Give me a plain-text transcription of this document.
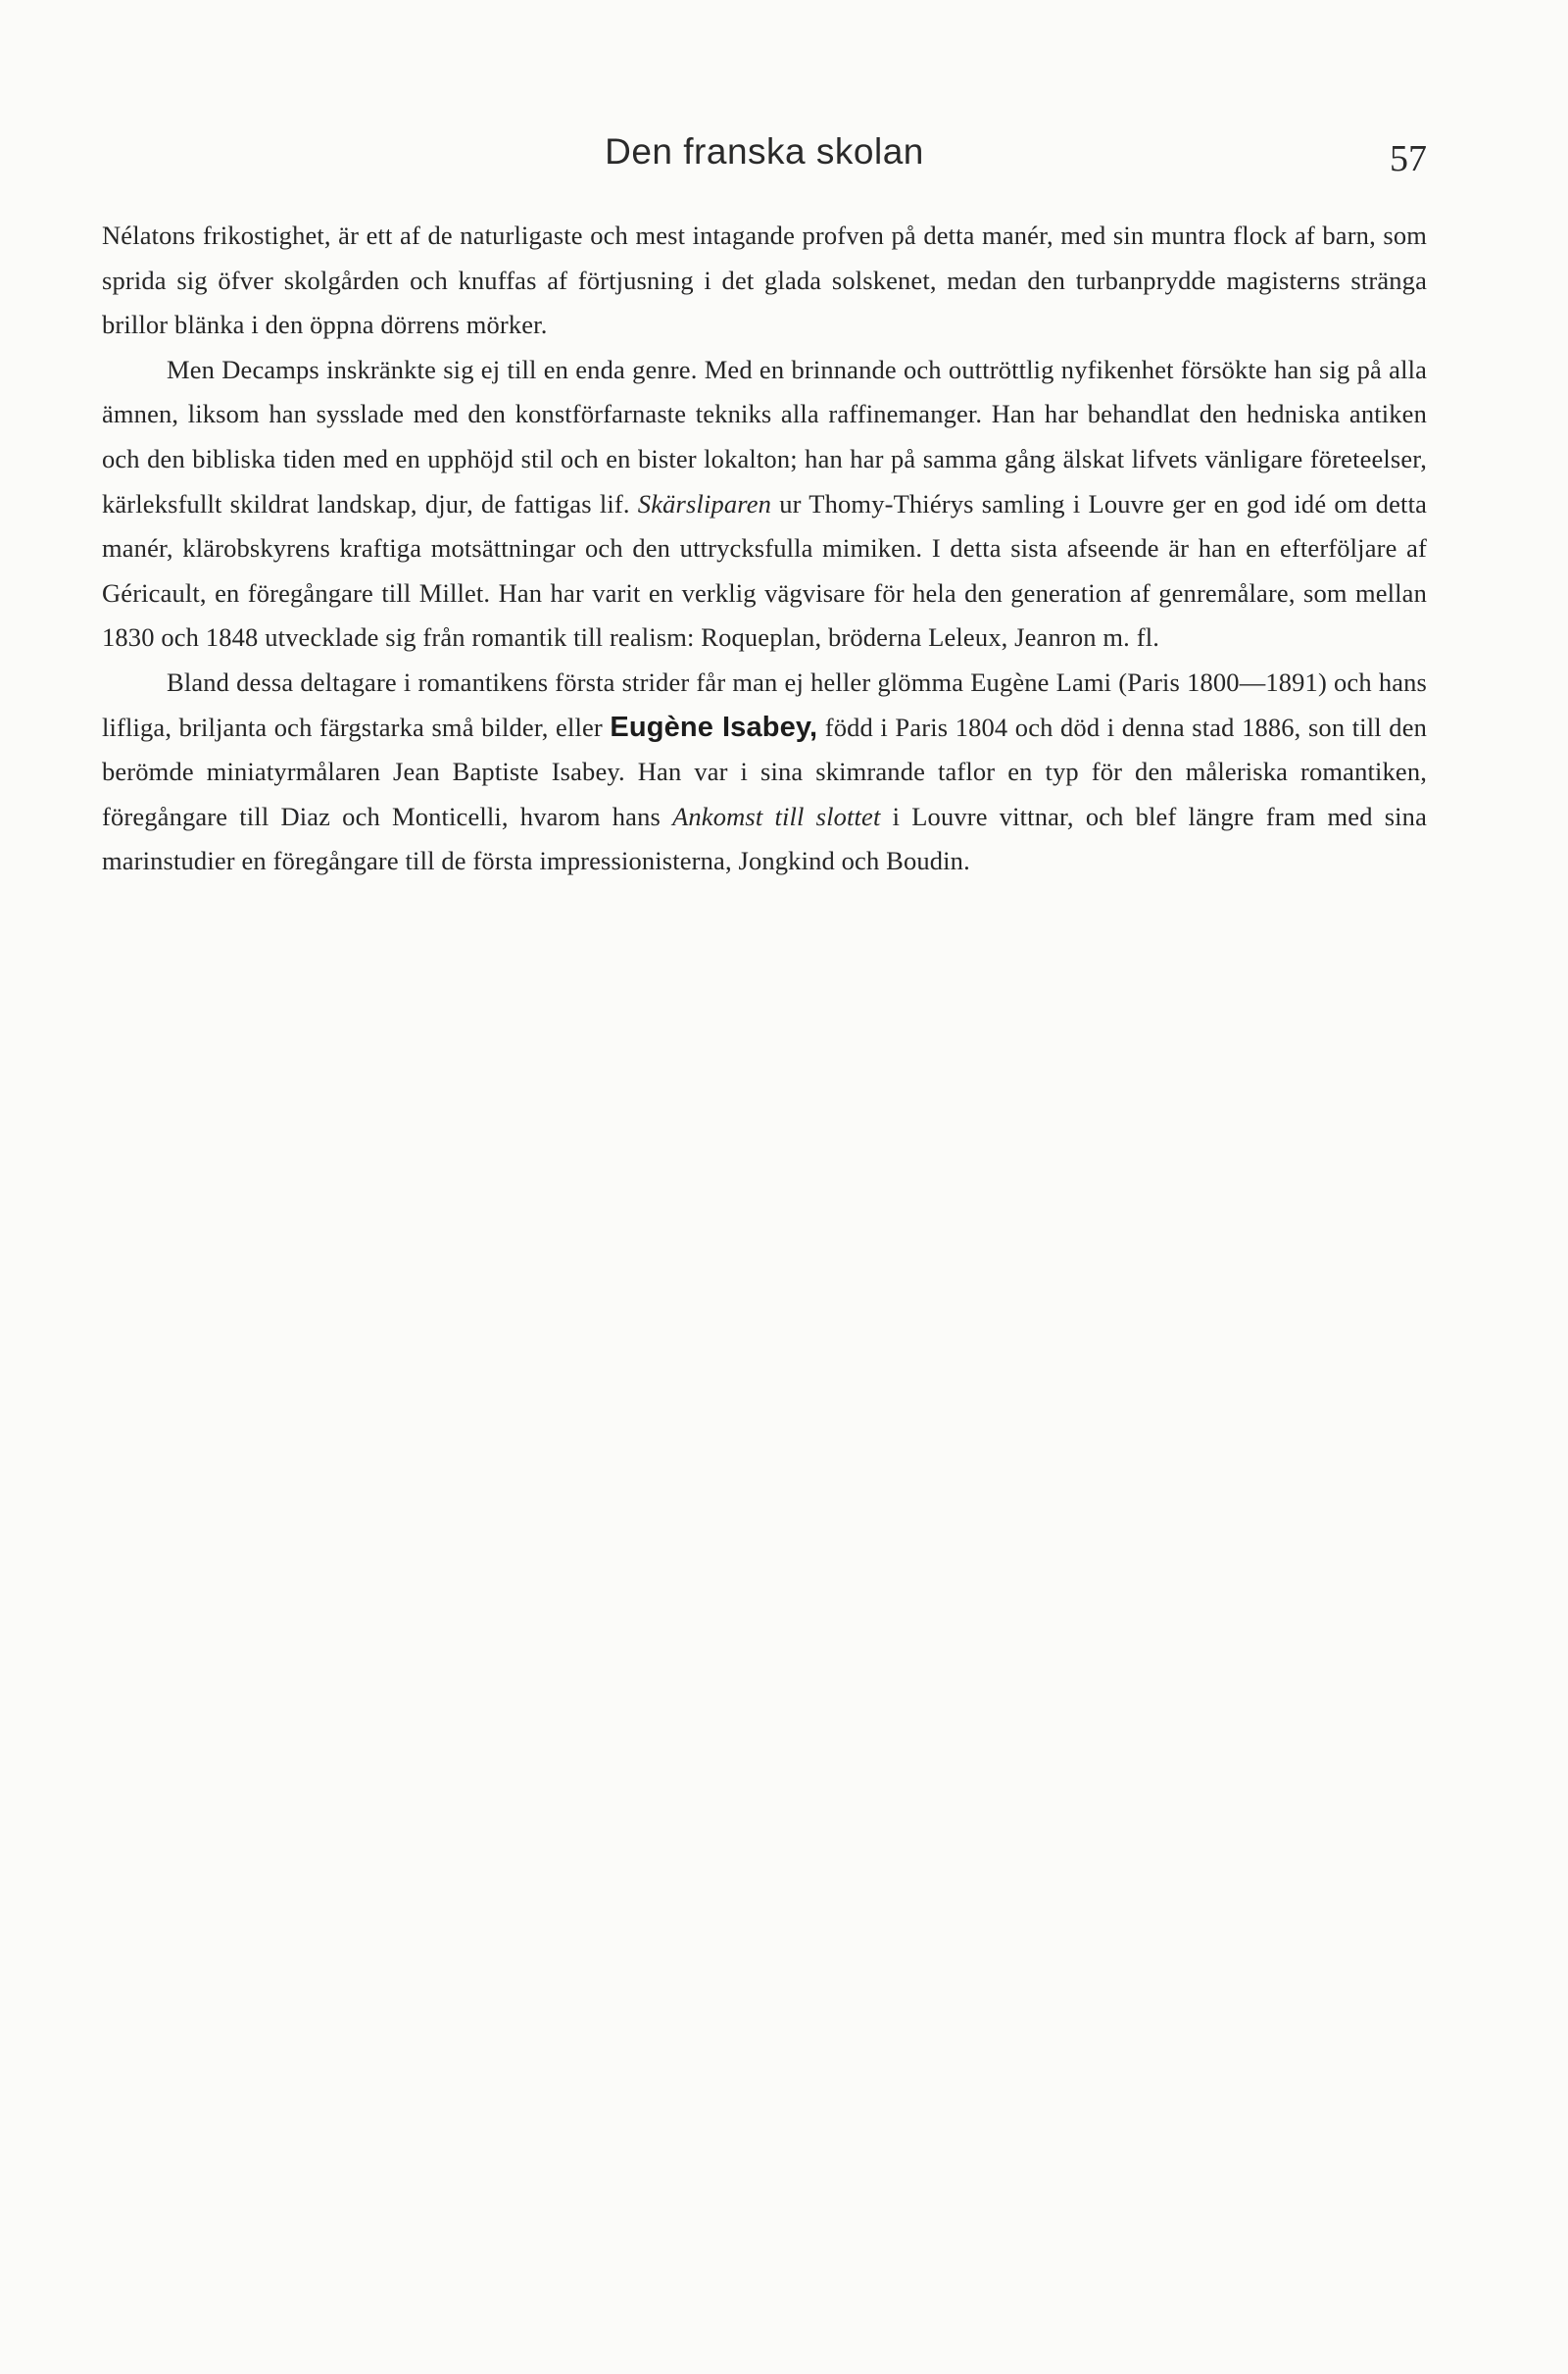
Den franska skolan	57

Nélatons frikostighet, är ett af de naturligaste och mest intagande profven på detta manér, med sin muntra flock af barn, som sprida sig öfver skolgården och knuffas af förtjusning i det glada solskenet, medan den turbanprydde magisterns stränga brillor blänka i den öppna dörrens mörker.

Men Decamps inskränkte sig ej till en enda genre. Med en brinnande och outtröttlig nyfikenhet försökte han sig på alla ämnen, liksom han sysslade med den konstförfarnaste tekniks alla raffinemanger. Han har behandlat den hedniska antiken och den bibliska tiden med en upphöjd stil och en bister lokalton; han har på samma gång älskat lifvets vänligare företeelser, kärleksfullt skildrat landskap, djur, de fattigas lif. Skärsliparen ur Thomy-Thiérys samling i Louvre ger en god idé om detta manér, klärobskyrens kraftiga motsättningar och den uttrycksfulla mimiken. I detta sista afseende är han en efterföljare af Géricault, en föregångare till Millet. Han har varit en verklig vägvisare för hela den generation af genremålare, som mellan 1830 och 1848 utvecklade sig från romantik till realism: Roqueplan, bröderna Leleux, Jeanron m. fl.

Bland dessa deltagare i romantikens första strider får man ej heller glömma Eugène Lami (Paris 1800—1891) och hans lifliga, briljanta och färgstarka små bilder, eller Eugène Isabey, född i Paris 1804 och död i denna stad 1886, son till den berömde miniatyrmålaren Jean Baptiste Isabey. Han var i sina skimrande taflor en typ för den måleriska romantiken, föregångare till Diaz och Monticelli, hvarom hans Ankomst till slottet i Louvre vittnar, och blef längre fram med sina marinstudier en föregångare till de första impressionisterna, Jongkind och Boudin.
